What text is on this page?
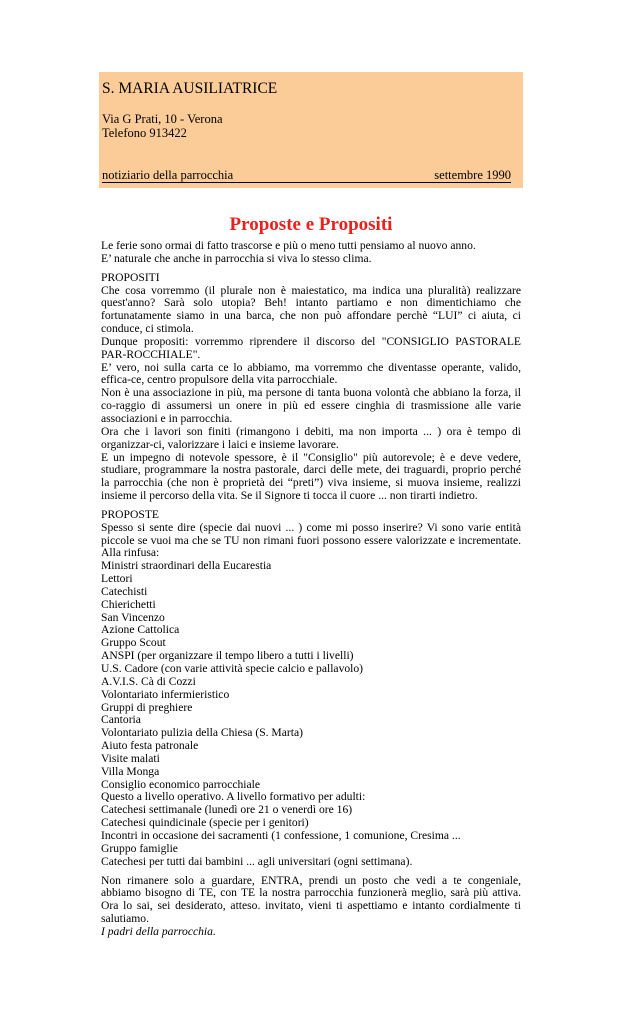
S. MARIA AUSILIATRICE
Via G Prati, 10 - Verona
Telefono 913422
notiziario della parrocchia	settembre 1990
Proposte e Propositi

Le ferie sono ormai di fatto trascorse e più o meno tutti pensiamo al nuovo anno.

E’ naturale che anche in parrocchia si viva lo stesso clima.

PROPOSITI

Che cosa vorremmo (il plurale non è maiestatico, ma indica una pluralità) realizzare quest'anno? Sarà solo utopia? Beh! intanto partiamo e non dimentichiamo che fortunatamente siamo in una barca, che non può affondare perchè “LUI” ci aiuta, ci conduce, ci stimola.

Dunque propositi: vorremmo riprendere il discorso del "CONSIGLIO PASTORALE PAR-ROCCHIALE".

E’ vero, noi sulla carta ce lo abbiamo, ma vorremmo che diventasse operante, valido, effica-ce, centro propulsore della vita parrocchiale.

Non è una associazione in più, ma persone di tanta buona volontà che abbiano la forza, il co-raggio di assumersi un onere in più ed essere cinghia di trasmissione alle varie associazioni e in parrocchia.

Ora che i lavori son finiti (rimangono i debiti, ma non importa ... ) ora è tempo di organizzar-ci, valorizzare i laici e insieme lavorare.

E un impegno di notevole spessore, è il "Consiglio" più autorevole; è e deve vedere, studiare, programmare la nostra pastorale, darci delle mete, dei traguardi, proprio perché la parrocchia (che non è proprietà dei “preti”) viva insieme, si muova insieme, realizzi insieme il percorso della vita. Se il Signore ti tocca il cuore ... non tirarti indietro.

PROPOSTE

Spesso si sente dire (specie dai nuovi ... ) come mi posso inserire? Vi sono varie entità piccole se vuoi ma che se TU non rimani fuori possono essere valorizzate e incrementate. Alla rinfusa:

Ministri straordinari della Eucarestia
Lettori
Catechisti
Chierichetti
San Vincenzo
Azione Cattolica
Gruppo Scout
ANSPI (per organizzare il tempo libero a tutti i livelli)
U.S. Cadore (con varie attività specie calcio e pallavolo)
A.V.I.S. Cà di Cozzi
Volontariato infermieristico
Gruppi di preghiere
Cantoria
Volontariato pulizia della Chiesa (S. Marta)
Aiuto festa patronale
Visite malati
Villa Monga
Consiglio economico parrocchiale
Questo a livello operativo. A livello formativo per adulti:
Catechesi settimanale (lunedì ore 21 o venerdì ore 16)
Catechesi quindicinale (specie per i genitori)
Incontri in occasione dei sacramenti (1 confessione, 1 comunione, Cresima ...
Gruppo famiglie
Catechesi per tutti dai bambini ... agli universitari (ogni settimana).

Non rimanere solo a guardare, ENTRA, prendi un posto che vedi a te congeniale, abbiamo bisogno di TE, con TE la nostra parrocchia funzionerà meglio, sarà più attiva. Ora lo sai, sei desiderato, atteso. invitato, vieni ti aspettiamo e intanto cordialmente ti salutiamo.

I padri della parrocchia.
